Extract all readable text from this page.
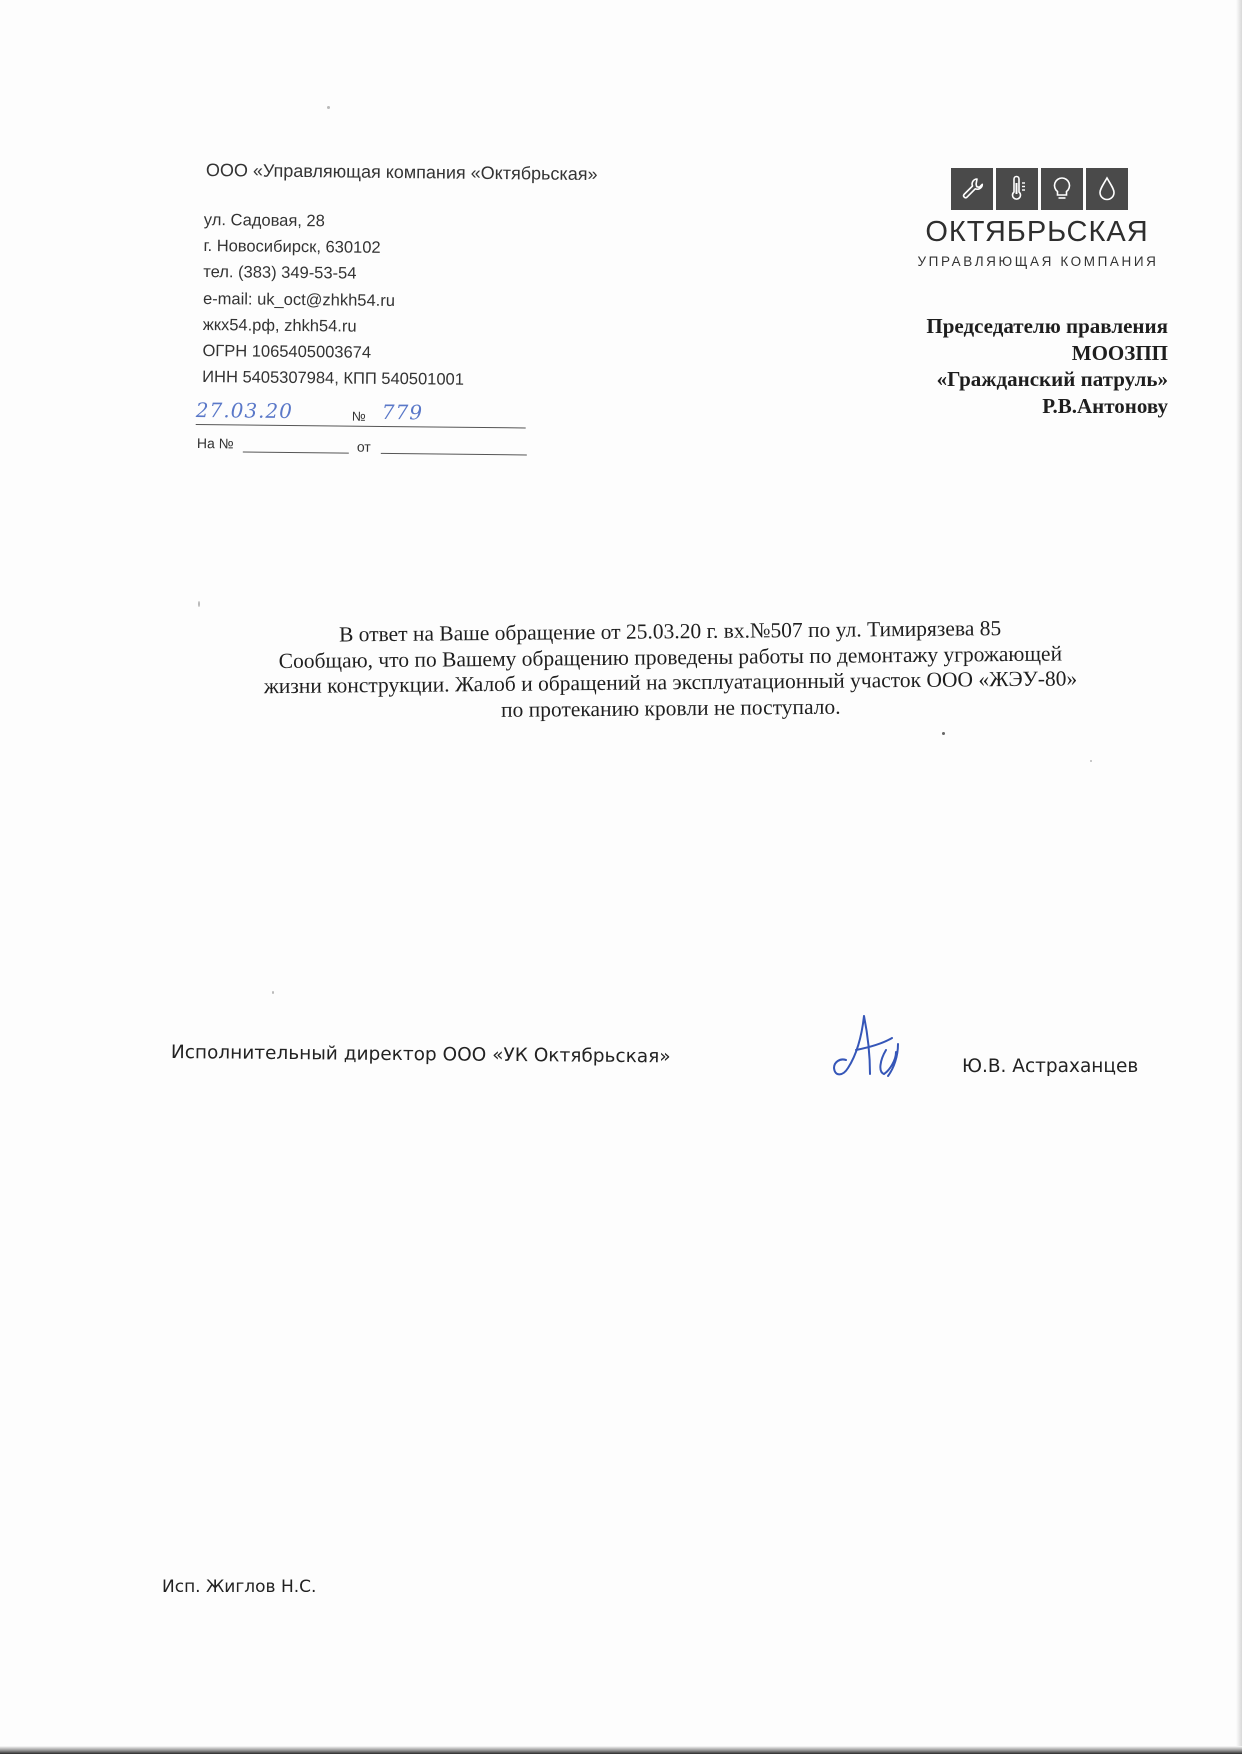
ООО «Управляющая компания «Октябрьская»
ул. Садовая, 28
г. Новосибирск, 630102
тел. (383) 349-53-54
e-mail: uk_oct@zhkh54.ru
жкх54.рф, zhkh54.ru
ОГРН 1065405003674
ИНН 5405307984, КПП 540501001
27.03.20	№ 779
На №	от
ОКТЯБРЬСКАЯ
УПРАВЛЯЮЩАЯ КОМПАНИЯ
Председателю правления
МООЗПП
«Гражданский патруль»
Р.В.Антонову
В ответ на Ваше обращение от 25.03.20 г. вх.№507 по ул. Тимирязева 85
Сообщаю, что по Вашему обращению проведены работы по демонтажу угрожающей
жизни конструкции. Жалоб и обращений на эксплуатационный участок ООО «ЖЭУ-80»
по протеканию кровли не поступало.
Исполнительный директор ООО «УК Октябрьская»	Ю.В. Астраханцев
Исп. Жиглов Н.С.
